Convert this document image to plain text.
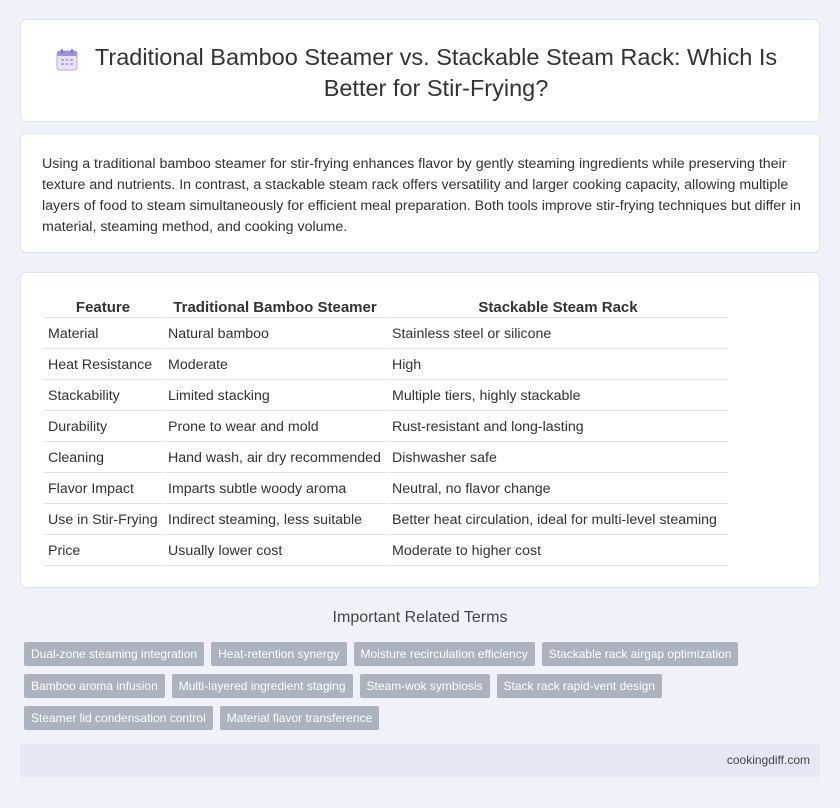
Traditional Bamboo Steamer vs. Stackable Steam Rack: Which Is Better for Stir-Frying?

Using a traditional bamboo steamer for stir-frying enhances flavor by gently steaming ingredients while preserving their texture and nutrients. In contrast, a stackable steam rack offers versatility and larger cooking capacity, allowing multiple layers of food to steam simultaneously for efficient meal preparation. Both tools improve stir-frying techniques but differ in material, steaming method, and cooking volume.

Feature	Traditional Bamboo Steamer	Stackable Steam Rack
Material	Natural bamboo	Stainless steel or silicone
Heat Resistance	Moderate	High
Stackability	Limited stacking	Multiple tiers, highly stackable
Durability	Prone to wear and mold	Rust-resistant and long-lasting
Cleaning	Hand wash, air dry recommended	Dishwasher safe
Flavor Impact	Imparts subtle woody aroma	Neutral, no flavor change
Use in Stir-Frying	Indirect steaming, less suitable	Better heat circulation, ideal for multi-level steaming
Price	Usually lower cost	Moderate to higher cost
Important Related Terms
Dual-zone steaming integration	Heat-retention synergy	Moisture recirculation efficiency	Stackable rack airgap optimization
Bamboo aroma infusion	Multi-layered ingredient staging	Steam-wok symbiosis	Stack rack rapid-vent design
Steamer lid condensation control	Material flavor transference
cookingdiff.com
